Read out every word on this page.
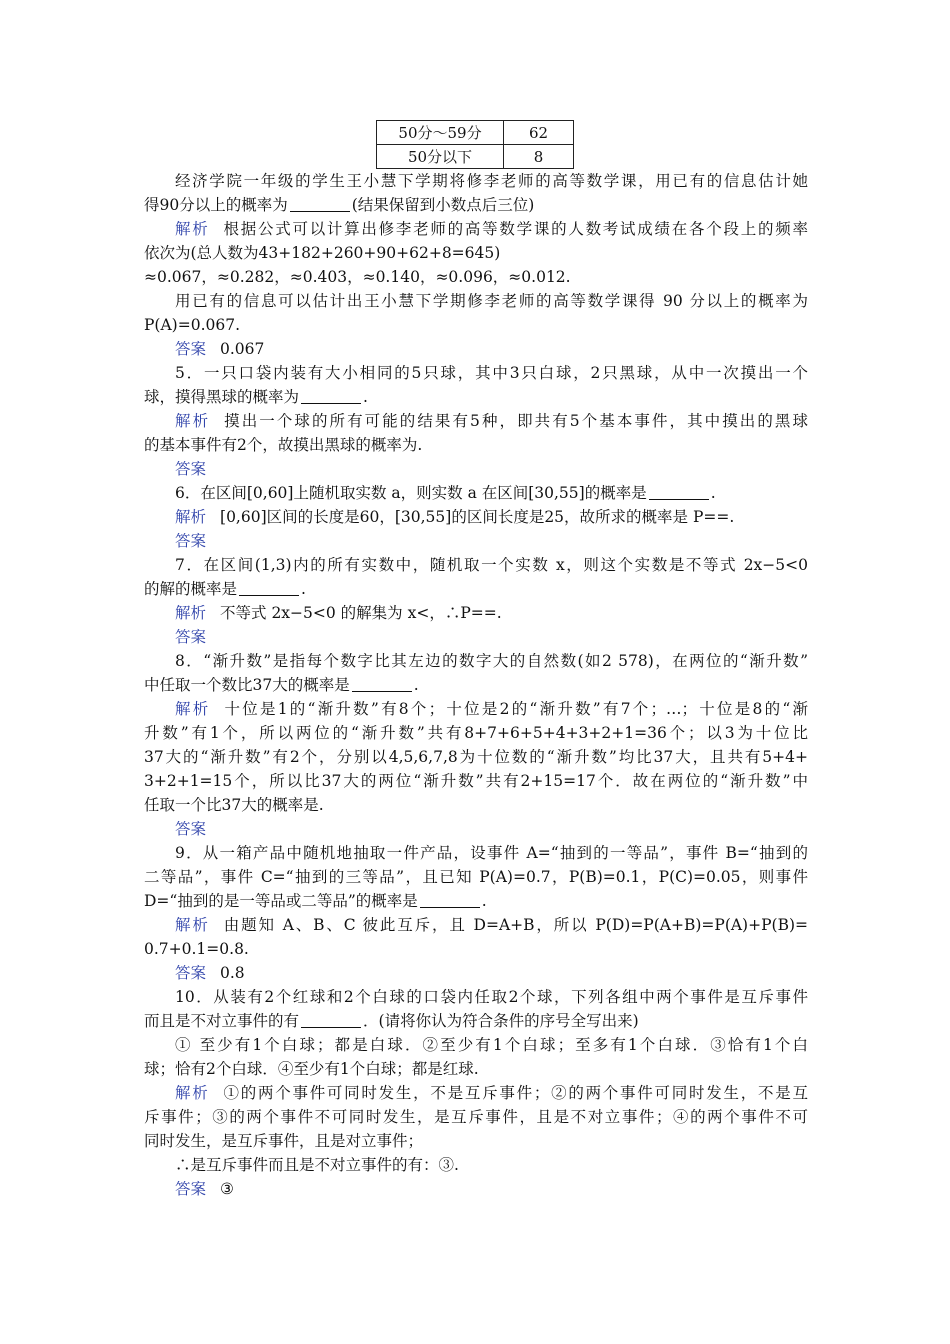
50分～59分	62
50分以下	8
经济学院一年级的学生王小慧下学期将修李老师的高等数学课，用已有的信息估计她
得90分以上的概率为	(结果保留到小数点后三位)
解析 根据公式可以计算出修李老师的高等数学课的人数考试成绩在各个段上的频率
依次为(总人数为43+182+260+90+62+8=645)
≈0.067，≈0.282，≈0.403，≈0.140，≈0.096，≈0.012.
用已有的信息可以估计出王小慧下学期修李老师的高等数学课得 90 分以上的概率为
P(A)=0.067.
答案 0.067
5．一只口袋内装有大小相同的5只球，其中3只白球，2只黑球，从中一次摸出一个
球，摸得黑球的概率为	.
解析 摸出一个球的所有可能的结果有5种，即共有5个基本事件，其中摸出的黑球
的基本事件有2个，故摸出黑球的概率为.
答案
6．在区间[0,60]上随机取实数 a，则实数 a 在区间[30,55]的概率是	.
解析 [0,60]区间的长度是60，[30,55]的区间长度是25，故所求的概率是 P==.
答案
7．在区间(1,3)内的所有实数中，随机取一个实数 x，则这个实数是不等式 2x−5<0
的解的概率是	.
解析 不等式 2x−5<0 的解集为 x<，∴P==.
答案
8．“渐升数”是指每个数字比其左边的数字大的自然数(如2 578)，在两位的“渐升数”
中任取一个数比37大的概率是	.
解析 十位是1的“渐升数”有8个；十位是2的“渐升数”有7个；…；十位是8的“渐
升数”有1个，所以两位的“渐升数”共有8+7+6+5+4+3+2+1=36个；以3为十位比
37大的“渐升数”有2个，分别以4,5,6,7,8为十位数的“渐升数”均比37大，且共有5+4+
3+2+1=15个，所以比37大的两位“渐升数”共有2+15=17个．故在两位的“渐升数”中
任取一个比37大的概率是.
答案
9．从一箱产品中随机地抽取一件产品，设事件 A=“抽到的一等品”，事件 B=“抽到的
二等品”，事件 C=“抽到的三等品”，且已知 P(A)=0.7，P(B)=0.1，P(C)=0.05，则事件
D=“抽到的是一等品或二等品”的概率是	.
解析 由题知 A、B、C 彼此互斥，且 D=A+B，所以 P(D)=P(A+B)=P(A)+P(B)=
0.7+0.1=0.8.
答案 0.8
10．从装有2个红球和2个白球的口袋内任取2个球，下列各组中两个事件是互斥事件
而且是不对立事件的有	．(请将你认为符合条件的序号全写出来)
① 至少有1个白球；都是白球．②至少有1个白球；至多有1个白球．③恰有1个白
球；恰有2个白球．④至少有1个白球；都是红球.
解析 ①的两个事件可同时发生，不是互斥事件；②的两个事件可同时发生，不是互
斥事件；③的两个事件不可同时发生，是互斥事件，且是不对立事件；④的两个事件不可
同时发生，是互斥事件，且是对立事件；
∴是互斥事件而且是不对立事件的有：③.
答案 ③
